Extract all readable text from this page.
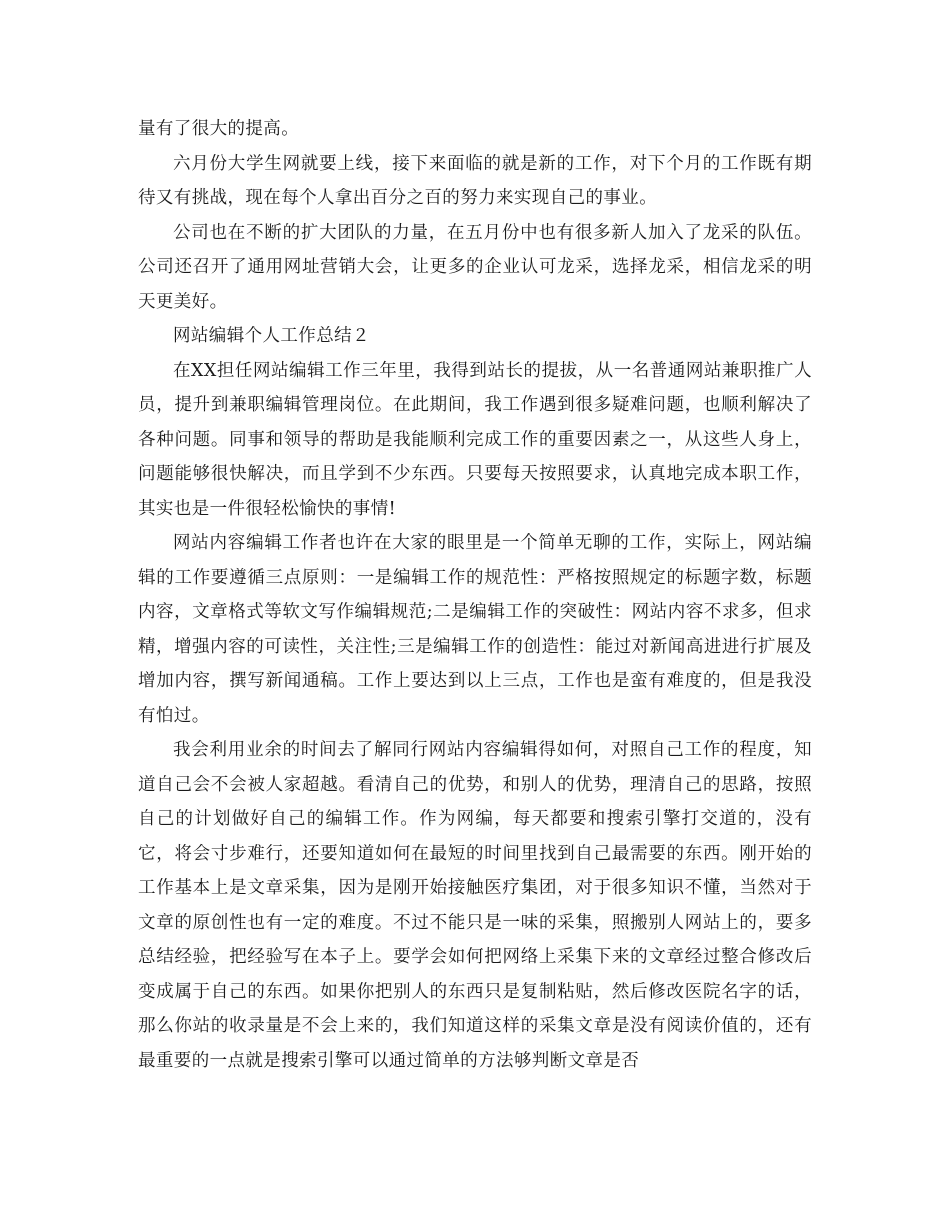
量有了很大的提高。

六月份大学生网就要上线，接下来面临的就是新的工作，对下个月的工作既有期待又有挑战，现在每个人拿出百分之百的努力来实现自己的事业。

公司也在不断的扩大团队的力量，在五月份中也有很多新人加入了龙采的队伍。公司还召开了通用网址营销大会，让更多的企业认可龙采，选择龙采，相信龙采的明天更美好。

网站编辑个人工作总结２

在XX担任网站编辑工作三年里，我得到站长的提拔，从一名普通网站兼职推广人员，提升到兼职编辑管理岗位。在此期间，我工作遇到很多疑难问题，也顺利解决了各种问题。同事和领导的帮助是我能顺利完成工作的重要因素之一，从这些人身上，问题能够很快解决，而且学到不少东西。只要每天按照要求，认真地完成本职工作，其实也是一件很轻松愉快的事情!

网站内容编辑工作者也许在大家的眼里是一个简单无聊的工作，实际上，网站编辑的工作要遵循三点原则：一是编辑工作的规范性：严格按照规定的标题字数，标题内容，文章格式等软文写作编辑规范;二是编辑工作的突破性：网站内容不求多，但求精，增强内容的可读性，关注性;三是编辑工作的创造性：能过对新闻高进进行扩展及增加内容，撰写新闻通稿。工作上要达到以上三点，工作也是蛮有难度的，但是我没有怕过。

我会利用业余的时间去了解同行网站内容编辑得如何，对照自己工作的程度，知道自己会不会被人家超越。看清自己的优势，和别人的优势，理清自己的思路，按照自己的计划做好自己的编辑工作。作为网编，每天都要和搜索引擎打交道的，没有它，将会寸步难行，还要知道如何在最短的时间里找到自己最需要的东西。刚开始的工作基本上是文章采集，因为是刚开始接触医疗集团，对于很多知识不懂，当然对于文章的原创性也有一定的难度。不过不能只是一味的采集，照搬别人网站上的，要多总结经验，把经验写在本子上。要学会如何把网络上采集下来的文章经过整合修改后变成属于自己的东西。如果你把别人的东西只是复制粘贴，然后修改医院名字的话，那么你站的收录量是不会上来的，我们知道这样的采集文章是没有阅读价值的，还有最重要的一点就是搜索引擎可以通过简单的方法够判断文章是否
